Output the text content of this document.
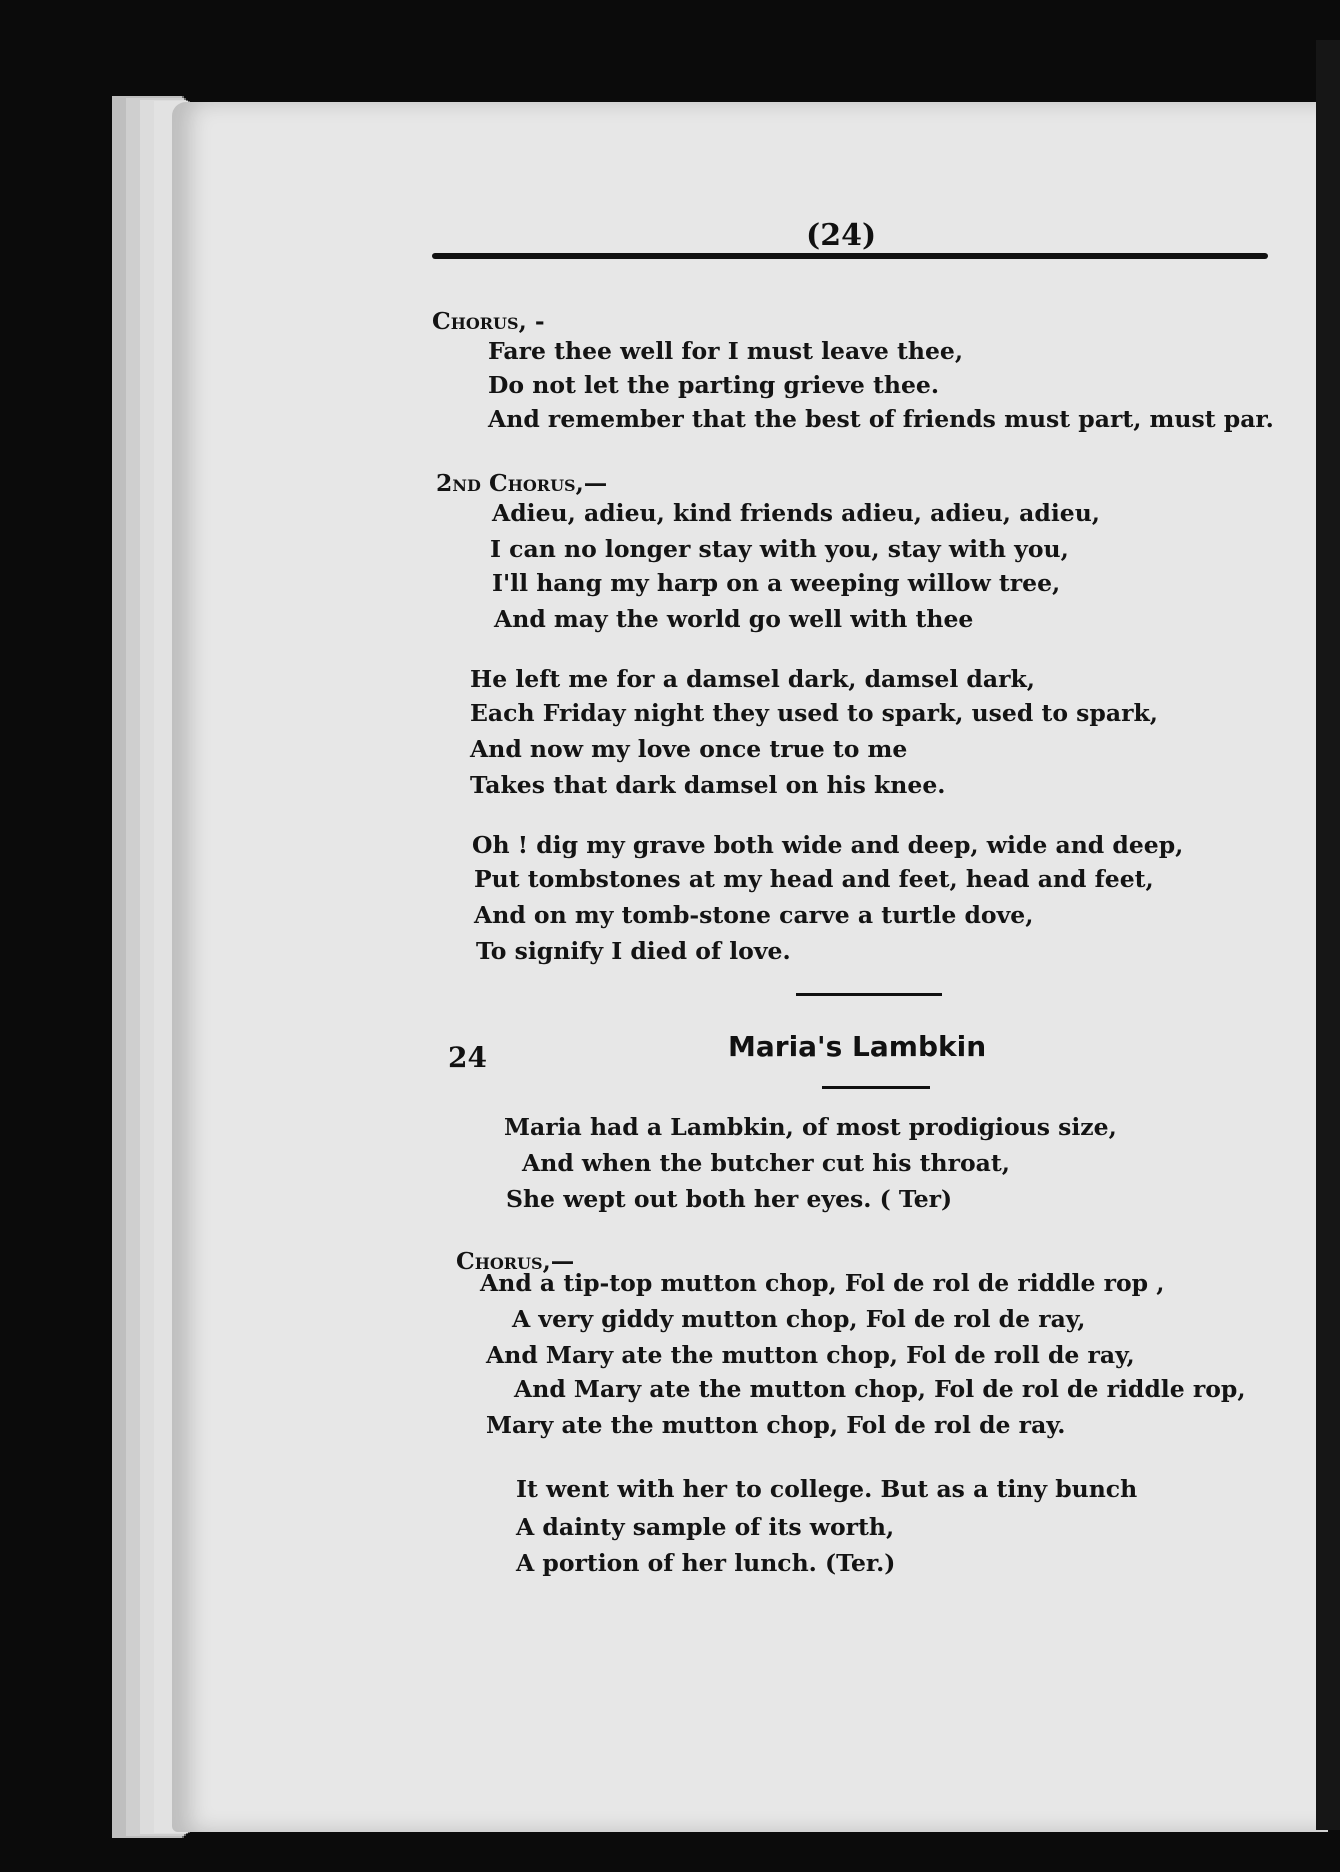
(24)
Chorus, -
Fare thee well for I must leave thee,
Do not let the parting grieve thee.
And remember that the best of friends must part, must par.
2nd Chorus,—
Adieu, adieu, kind friends adieu, adieu, adieu,
I can no longer stay with you, stay with you,
I'll hang my harp on a weeping willow tree,
And may the world go well with thee
He left me for a damsel dark, damsel dark,
Each Friday night they used to spark, used to spark,
And now my love once true to me
Takes that dark damsel on his knee.
Oh ! dig my grave both wide and deep, wide and deep,
Put tombstones at my head and feet, head and feet,
And on my tomb-stone carve a turtle dove,
To signify I died of love.
24	Maria's Lambkin
Maria had a Lambkin, of most prodigious size,
And when the butcher cut his throat,
She wept out both her eyes. ( Ter)
Chorus,—
And a tip-top mutton chop, Fol de rol de riddle rop ,
A very giddy mutton chop, Fol de rol de ray,
And Mary ate the mutton chop, Fol de roll de ray,
And Mary ate the mutton chop, Fol de rol de riddle rop,
Mary ate the mutton chop, Fol de rol de ray.
It went with her to college. But as a tiny bunch
A dainty sample of its worth,
A portion of her lunch. (Ter.)
